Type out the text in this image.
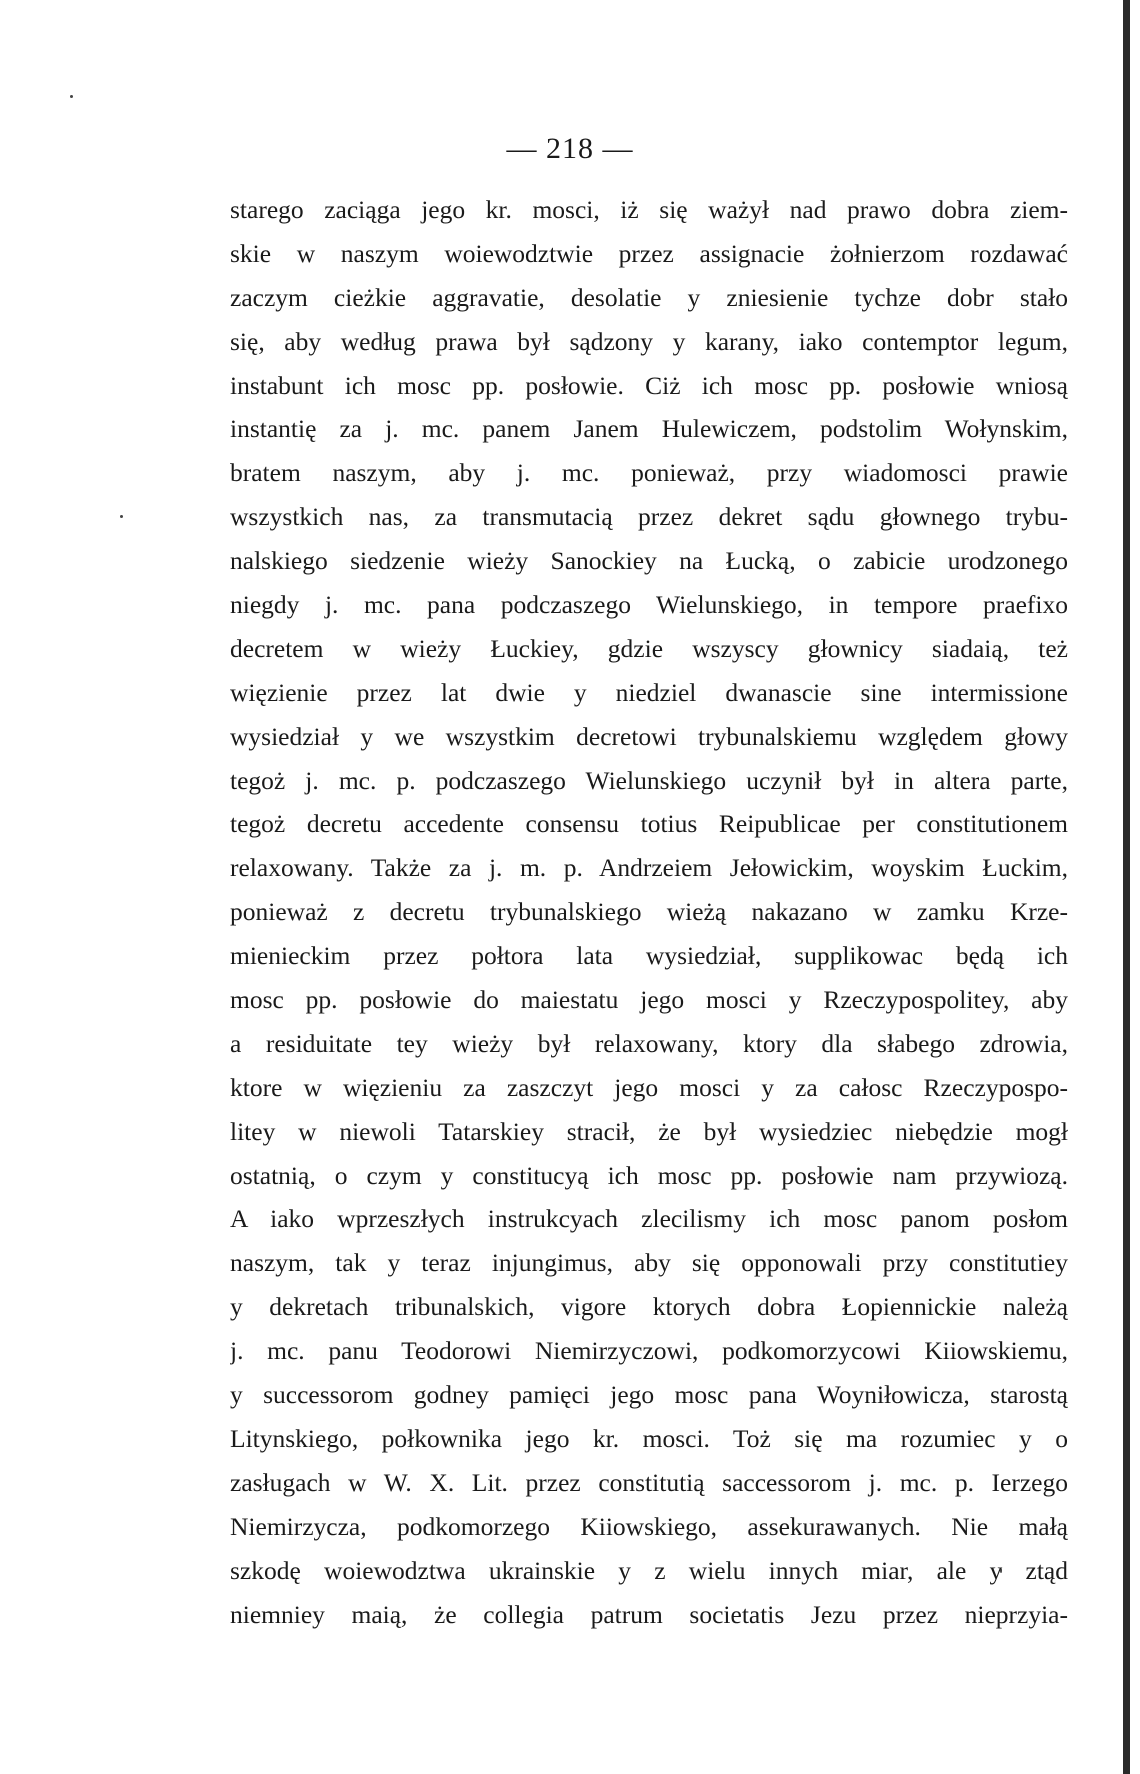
— 218 —
starego zaciąga jego kr. mosci, iż się ważył nad prawo dobra ziem-
skie w naszym woiewodztwie przez assignacie żołnierzom rozdawać
zaczym cieżkie aggravatie, desolatie y zniesienie tychze dobr stało
się, aby według prawa był sądzony y karany, iako contemptor legum,
instabunt ich mosc pp. posłowie. Ciż ich mosc pp. posłowie wniosą
instantię za j. mc. panem Janem Hulewiczem, podstolim Wołynskim,
bratem naszym, aby j. mc. ponieważ, przy wiadomosci prawie
wszystkich nas, za transmutacią przez dekret sądu głownego trybu-
nalskiego siedzenie wieży Sanockiey na Łucką, o zabicie urodzonego
niegdy j. mc. pana podczaszego Wielunskiego, in tempore praefixo
decretem w wieży Łuckiey, gdzie wszyscy głownicy siadaią, też
więzienie przez lat dwie y niedziel dwanascie sine intermissione
wysiedział y we wszystkim decretowi trybunalskiemu względem głowy
tegoż j. mc. p. podczaszego Wielunskiego uczynił był in altera parte,
tegoż decretu accedente consensu totius Reipublicae per constitutionem
relaxowany. Także za j. m. p. Andrzeiem Jełowickim, woyskim Łuckim,
ponieważ z decretu trybunalskiego wieżą nakazano w zamku Krze-
mienieckim przez połtora lata wysiedział, supplikowac będą ich
mosc pp. posłowie do maiestatu jego mosci y Rzeczypospolitey, aby
a residuitate tey wieży był relaxowany, ktory dla słabego zdrowia,
ktore w więzieniu za zaszczyt jego mosci y za całosc Rzeczypospo-
litey w niewoli Tatarskiey stracił, że był wysiedziec niebędzie mogł
ostatnią, o czym y constitucyą ich mosc pp. posłowie nam przywiozą.
A iako wprzeszłych instrukcyach zlecilismy ich mosc panom posłom
naszym, tak y teraz injungimus, aby się opponowali przy constitutiey
y dekretach tribunalskich, vigore ktorych dobra Łopiennickie należą
j. mc. panu Teodorowi Niemirzyczowi, podkomorzycowi Kiiowskiemu,
y successorom godney pamięci jego mosc pana Woyniłowicza, starostą
Litynskiego, połkownika jego kr. mosci. Toż się ma rozumiec y o
zasługach w W. X. Lit. przez constitutią saccessorom j. mc. p. Ierzego
Niemirzycza, podkomorzego Kiiowskiego, assekurawanych. Nie małą
szkodę woiewodztwa ukrainskie y z wielu innych miar, ale y ztąd
niemniey maią, że collegia patrum societatis Jezu przez nieprzyia-
